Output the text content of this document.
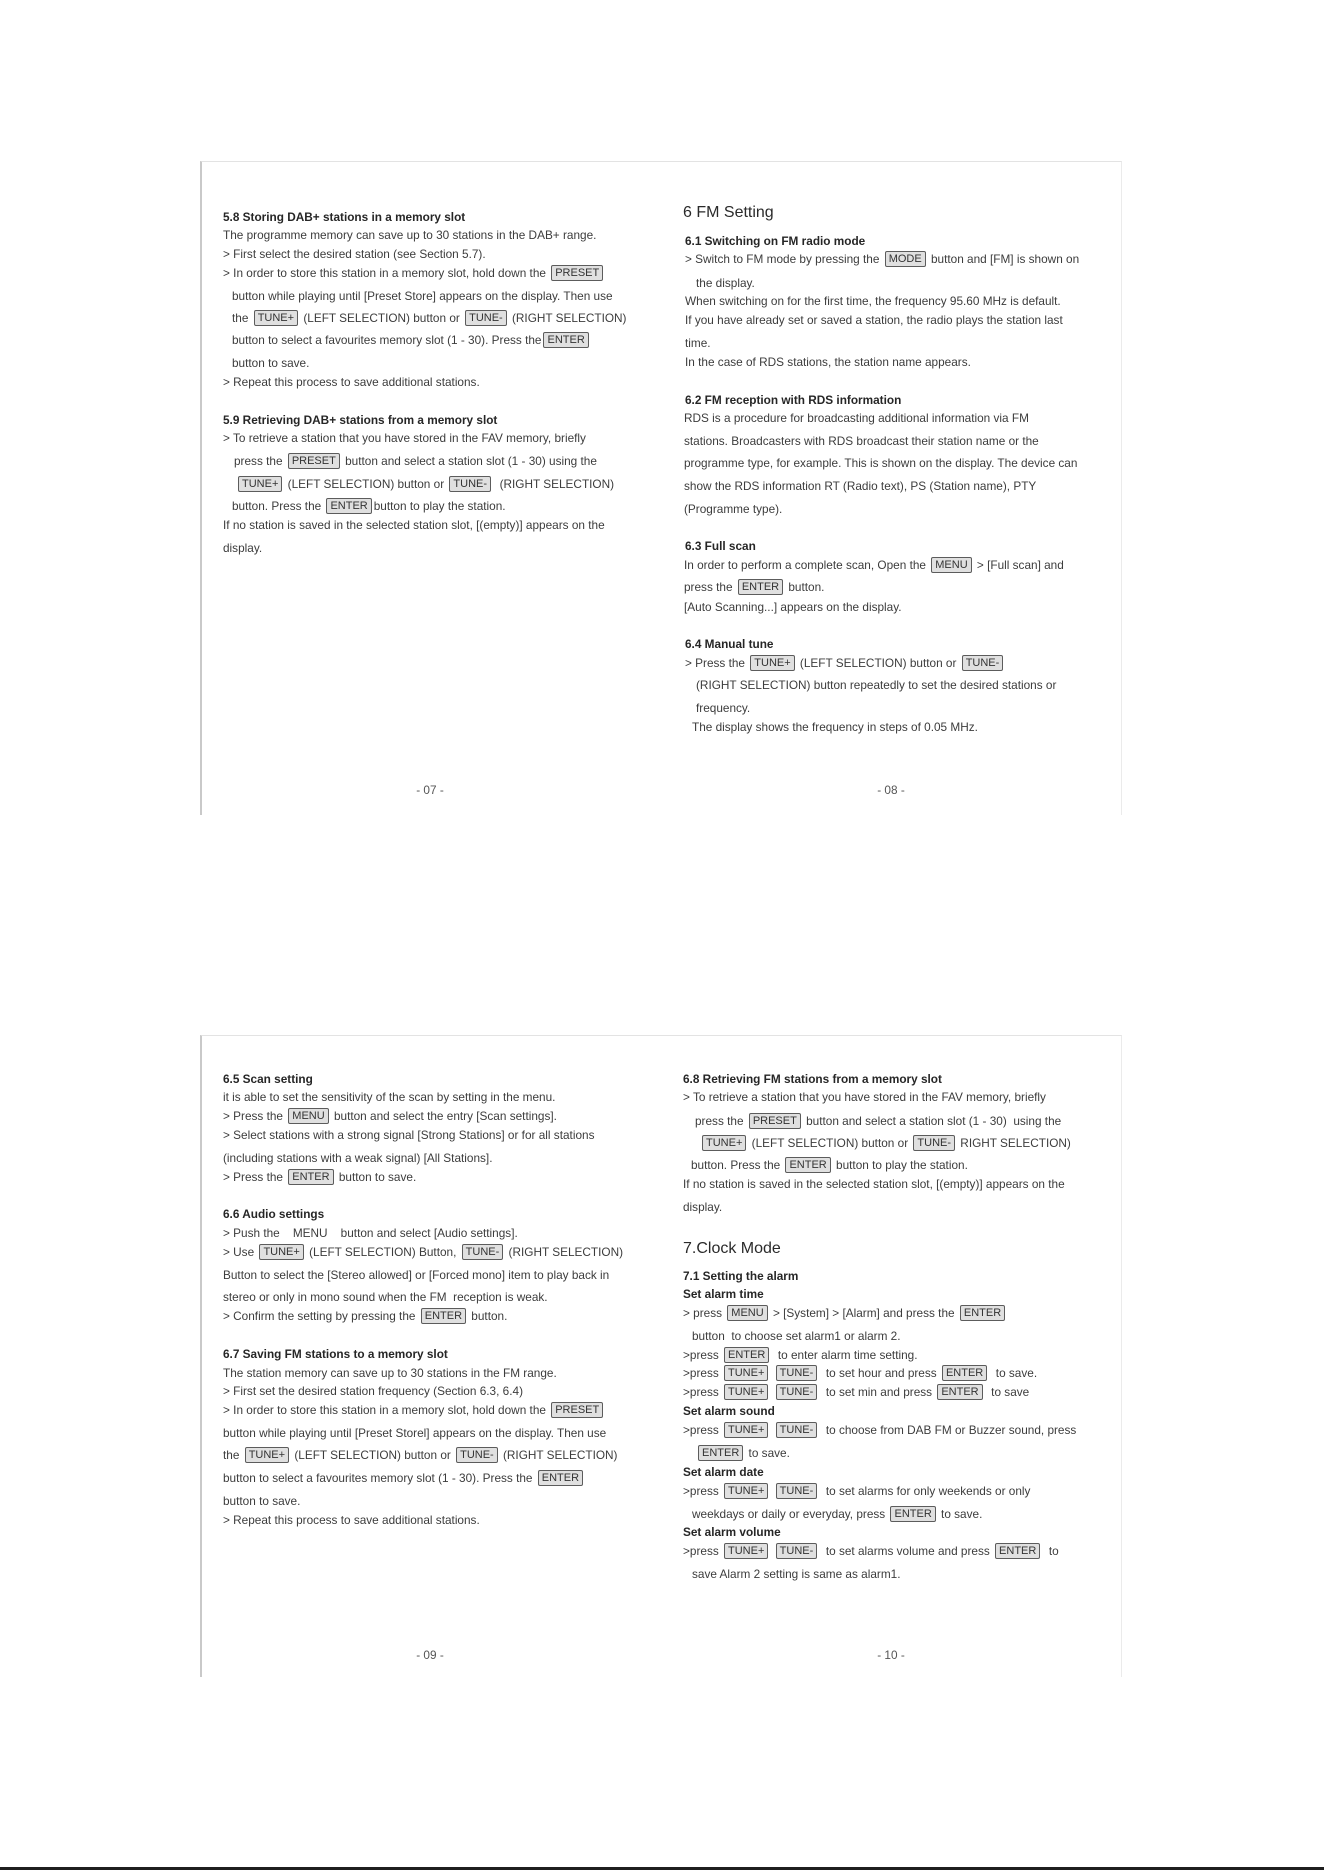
5.8 Storing DAB+ stations in a memory slot
The programme memory can save up to 30 stations in the DAB+ range.
> First select the desired station (see Section 5.7).
> In order to store this station in a memory slot, hold down the PRESET
button while playing until [Preset Store] appears on the display. Then use
the TUNE+ (LEFT SELECTION) button or TUNE- (RIGHT SELECTION)
button to select a favourites memory slot (1 - 30). Press the ENTER
button to save.
> Repeat this process to save additional stations.
5.9 Retrieving DAB+ stations from a memory slot
> To retrieve a station that you have stored in the FAV memory, briefly
press the PRESET button and select a station slot (1 - 30) using the
TUNE+ (LEFT SELECTION) button or TUNE-  (RIGHT SELECTION)
button. Press the ENTER button to play the station.
If no station is saved in the selected station slot, [(empty)] appears on the
display.
6 FM Setting
6.1 Switching on FM radio mode
> Switch to FM mode by pressing the MODE button and [FM] is shown on
the display.
When switching on for the first time, the frequency 95.60 MHz is default.
If you have already set or saved a station, the radio plays the station last
time.
In the case of RDS stations, the station name appears.
6.2 FM reception with RDS information
RDS is a procedure for broadcasting additional information via FM
stations. Broadcasters with RDS broadcast their station name or the
programme type, for example. This is shown on the display. The device can
show the RDS information RT (Radio text), PS (Station name), PTY
(Programme type).
6.3 Full scan
In order to perform a complete scan, Open the MENU > [Full scan] and
press the ENTER button.
[Auto Scanning...] appears on the display.
6.4 Manual tune
> Press the TUNE+ (LEFT SELECTION) button or TUNE-
(RIGHT SELECTION) button repeatedly to set the desired stations or
frequency.
The display shows the frequency in steps of 0.05 MHz.
6.5 Scan setting
it is able to set the sensitivity of the scan by setting in the menu.
> Press the MENU button and select the entry [Scan settings].
> Select stations with a strong signal [Strong Stations] or for all stations
(including stations with a weak signal) [All Stations].
> Press the ENTER button to save.
6.6 Audio settings
> Push the    MENU    button and select [Audio settings].
> Use TUNE+ (LEFT SELECTION) Button, TUNE- (RIGHT SELECTION)
Button to select the [Stereo allowed] or [Forced mono] item to play back in
stereo or only in mono sound when the FM  reception is weak.
> Confirm the setting by pressing the ENTER button.
6.7 Saving FM stations to a memory slot
The station memory can save up to 30 stations in the FM range.
> First set the desired station frequency (Section 6.3, 6.4)
> In order to store this station in a memory slot, hold down the PRESET
button while playing until [Preset Storel] appears on the display. Then use
the TUNE+ (LEFT SELECTION) button or TUNE- (RIGHT SELECTION)
button to select a favourites memory slot (1 - 30). Press the ENTER
button to save.
> Repeat this process to save additional stations.
6.8 Retrieving FM stations from a memory slot
> To retrieve a station that you have stored in the FAV memory, briefly
press the PRESET button and select a station slot (1 - 30)  using the
TUNE+ (LEFT SELECTION) button or TUNE- RIGHT SELECTION)
button. Press the ENTER button to play the station.
If no station is saved in the selected station slot, [(empty)] appears on the
display.
7.Clock Mode
7.1 Setting the alarm
Set alarm time
> press MENU > [System] > [Alarm] and press the ENTER
button  to choose set alarm1 or alarm 2.
>press ENTER  to enter alarm time setting.
>press TUNE+ TUNE-  to set hour and press ENTER  to save.
>press TUNE+ TUNE-  to set min and press ENTER  to save
Set alarm sound
>press TUNE+ TUNE-  to choose from DAB FM or Buzzer sound, press
ENTER to save.
Set alarm date
>press TUNE+ TUNE-  to set alarms for only weekends or only
weekdays or daily or everyday, press ENTER to save.
Set alarm volume
>press TUNE+ TUNE-  to set alarms volume and press ENTER  to
save Alarm 2 setting is same as alarm1.
- 07 -	- 08 -
- 09 -	- 10 -
